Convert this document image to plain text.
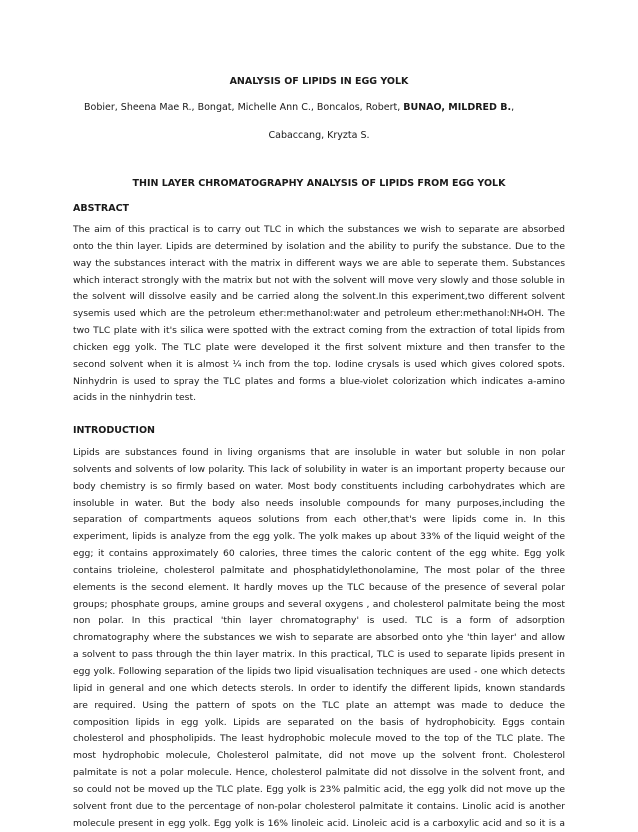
ANALYSIS OF LIPIDS IN EGG YOLK
Bobier, Sheena Mae R., Bongat, Michelle Ann C., Boncalos, Robert, BUNAO, MILDRED B.,
Cabaccang, Kryzta S.
THIN LAYER CHROMATOGRAPHY ANALYSIS OF LIPIDS FROM EGG YOLK
ABSTRACT
The aim of this practical is to carry out TLC in which the substances we wish to separate are absorbed
onto the thin layer. Lipids are determined by isolation and the ability to purify the substance. Due to the
way the substances interact with the matrix in different ways we are able to seperate them. Substances
which interact strongly with the matrix but not with the solvent will move very slowly and those soluble in
the solvent will dissolve easily and be carried along the solvent.In this experiment,two different solvent
sysemis used which are the petroleum ether:methanol:water and petroleum ether:methanol:NH₄OH. The
two TLC plate with it's silica were spotted with the extract coming from the extraction of total lipids from
chicken egg yolk. The TLC plate were developed it the first solvent mixture and then transfer to the
second solvent when it is almost ¼ inch from the top. Iodine crysals is used which gives colored spots.
Ninhydrin is used to spray the TLC plates and forms a blue-violet colorization which indicates a-amino
acids in the ninhydrin test.
INTRODUCTION
Lipids are substances found in living organisms that are insoluble in water but soluble in non polar
solvents and solvents of low polarity. This lack of solubility in water is an important property because our
body chemistry is so firmly based on water. Most body constituents including carbohydrates which are
insoluble in water. But the body also needs insoluble compounds for many purposes,including the
separation of compartments aqueos solutions from each other,that's were lipids come in. In this
experiment, lipids is analyze from the egg yolk. The yolk makes up about 33% of the liquid weight of the
egg; it contains approximately 60 calories, three times the caloric content of the egg white. Egg yolk
contains trioleine, cholesterol palmitate and phosphatidylethonolamine, The most polar of the three
elements is the second element. It hardly moves up the TLC because of the presence of several polar
groups; phosphate groups, amine groups and several oxygens , and cholesterol palmitate being the most
non polar. In this practical 'thin layer chromatography' is used. TLC is a form of adsorption
chromatography where the substances we wish to separate are absorbed onto yhe 'thin layer' and allow
a solvent to pass through the thin layer matrix. In this practical, TLC is used to separate lipids present in
egg yolk. Following separation of the lipids two lipid visualisation techniques are used - one which detects
lipid in general and one which detects sterols. In order to identify the different lipids, known standards
are required. Using the pattern of spots on the TLC plate an attempt was made to deduce the
composition lipids in egg yolk. Lipids are separated on the basis of hydrophobicity. Eggs contain
cholesterol and phospholipids. The least hydrophobic molecule moved to the top of the TLC plate. The
most hydrophobic molecule, Cholesterol palmitate, did not move up the solvent front. Cholesterol
palmitate is not a polar molecule. Hence, cholesterol palmitate did not dissolve in the solvent front, and
so could not be moved up the TLC plate. Egg yolk is 23% palmitic acid, the egg yolk did not move up the
solvent front due to the percentage of non-polar cholesterol palmitate it contains. Linolic acid is another
molecule present in egg yolk. Egg yolk is 16% linoleic acid. Linoleic acid is a carboxylic acid and so it is a
